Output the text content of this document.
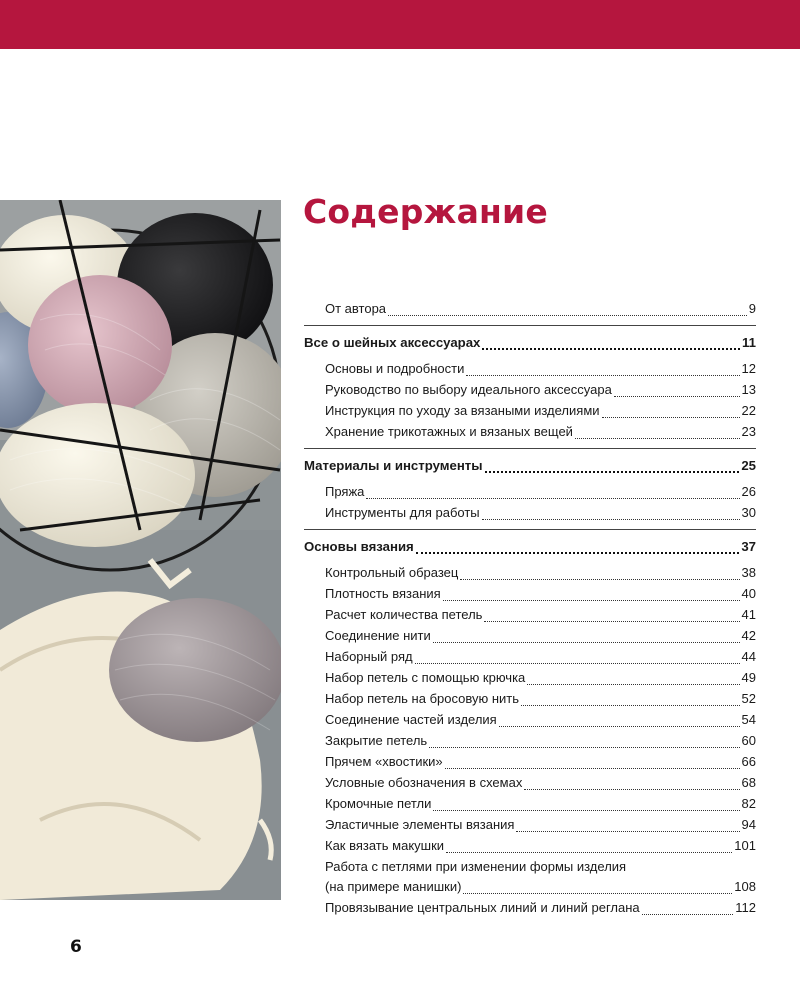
Содержание
От автора	9
Все о шейных аксессуарах	11
Основы и подробности	12
Руководство по выбору идеального аксессуара	13
Инструкция по уходу за вязаными изделиями	22
Хранение трикотажных и вязаных вещей	23
Материалы и инструменты	25
Пряжа	26
Инструменты для работы	30
Основы вязания	37
Контрольный образец	38
Плотность вязания	40
Расчет количества петель	41
Соединение нити	42
Наборный ряд	44
Набор петель с помощью крючка	49
Набор петель на бросовую нить	52
Соединение частей изделия	54
Закрытие петель	60
Прячем «хвостики»	66
Условные обозначения в схемах	68
Кромочные петли	82
Эластичные элементы вязания	94
Как вязать макушки	101
Работа с петлями при изменении формы изделия
(на примере манишки)	108
Провязывание центральных линий и линий реглана	112
6
